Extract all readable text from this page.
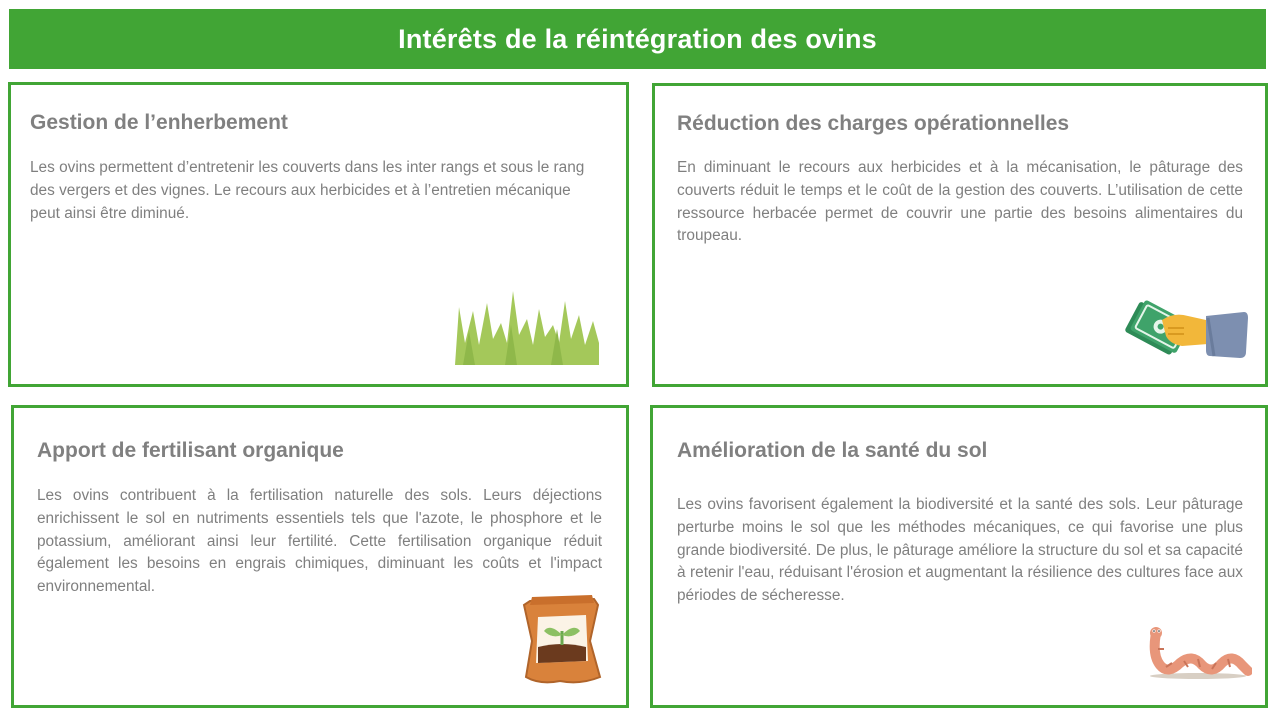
Intérêts de la réintégration des ovins
Gestion de l’enherbement

Les ovins permettent d’entretenir les couverts dans les inter rangs et sous le rang des vergers et des vignes. Le recours aux herbicides et à l’entretien mécanique peut ainsi être diminué.

Réduction des charges opérationnelles

En diminuant le recours aux herbicides et à la mécanisation, le pâturage des couverts réduit le temps et le coût de la gestion des couverts. L’utilisation de cette ressource herbacée permet de couvrir une partie des besoins alimentaires du troupeau.

Apport de fertilisant organique

Les ovins contribuent à la fertilisation naturelle des sols. Leurs déjections enrichissent le sol en nutriments essentiels tels que l'azote, le phosphore et le potassium, améliorant ainsi leur fertilité. Cette fertilisation organique réduit également les besoins en engrais chimiques, diminuant les coûts et l'impact environnemental.

Amélioration de la santé du sol

Les ovins favorisent également la biodiversité et la santé des sols. Leur pâturage perturbe moins le sol que les méthodes mécaniques, ce qui favorise une plus grande biodiversité. De plus, le pâturage améliore la structure du sol et sa capacité à retenir l'eau, réduisant l'érosion et augmentant la résilience des cultures face aux périodes de sécheresse.
